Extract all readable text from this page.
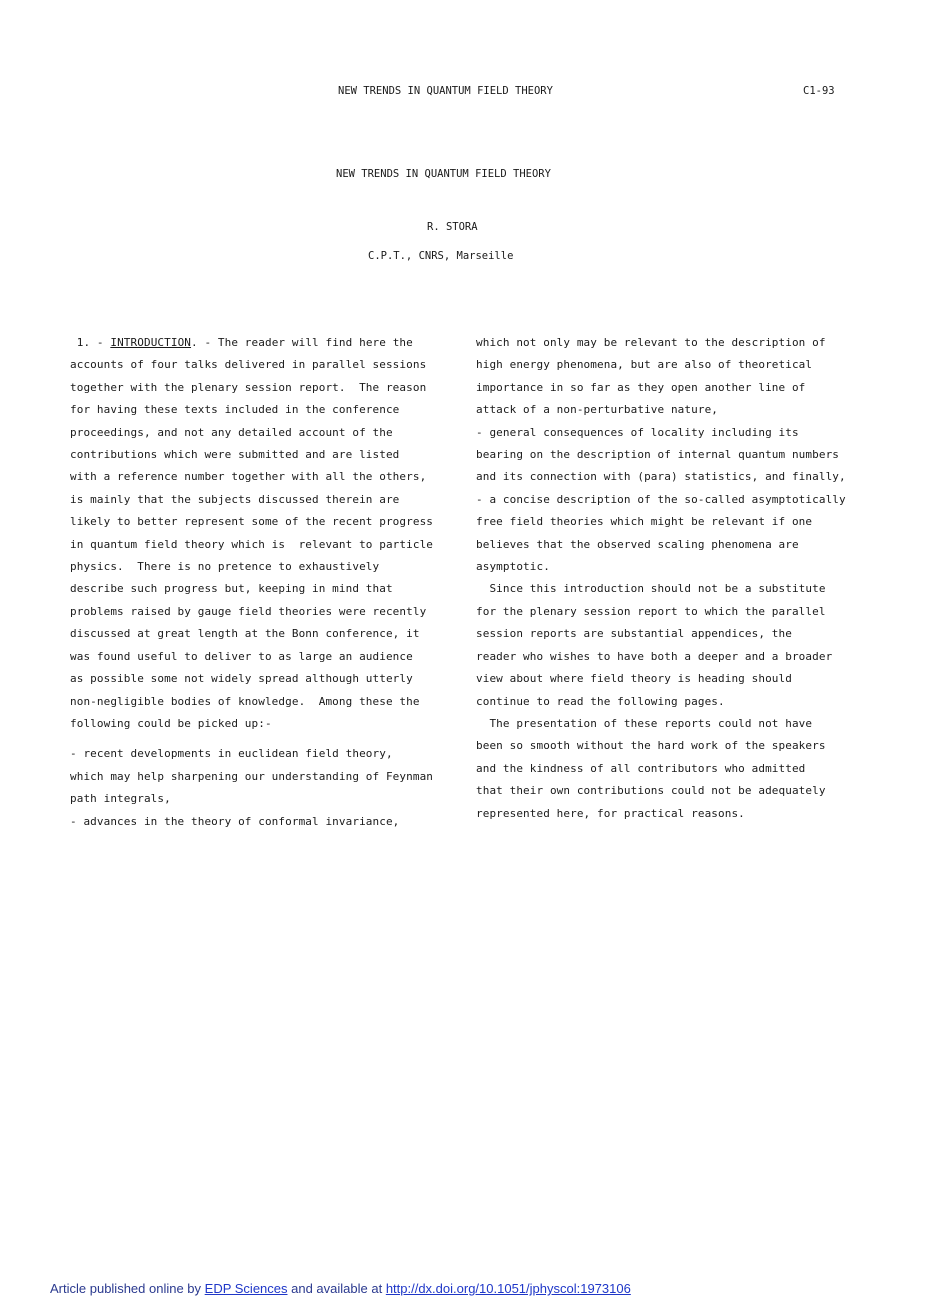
NEW TRENDS IN QUANTUM FIELD THEORY	C1-93
NEW TRENDS IN QUANTUM FIELD THEORY
R. STORA
C.P.T., CNRS, Marseille
1. - INTRODUCTION. - The reader will find here the
accounts of four talks delivered in parallel sessions
together with the plenary session report.  The reason
for having these texts included in the conference
proceedings, and not any detailed account of the
contributions which were submitted and are listed
with a reference number together with all the others,
is mainly that the subjects discussed therein are
likely to better represent some of the recent progress
in quantum field theory which is  relevant to particle
physics.  There is no pretence to exhaustively
describe such progress but, keeping in mind that
problems raised by gauge field theories were recently
discussed at great length at the Bonn conference, it
was found useful to deliver to as large an audience
as possible some not widely spread although utterly
non-negligible bodies of knowledge.  Among these the
following could be picked up:-
- recent developments in euclidean field theory,
which may help sharpening our understanding of Feynman
path integrals,
- advances in the theory of conformal invariance,
which not only may be relevant to the description of
high energy phenomena, but are also of theoretical
importance in so far as they open another line of
attack of a non-perturbative nature,
- general consequences of locality including its
bearing on the description of internal quantum numbers
and its connection with (para) statistics, and finally,
- a concise description of the so-called asymptotically
free field theories which might be relevant if one
believes that the observed scaling phenomena are
asymptotic.
Since this introduction should not be a substitute
for the plenary session report to which the parallel
session reports are substantial appendices, the
reader who wishes to have both a deeper and a broader
view about where field theory is heading should
continue to read the following pages.
The presentation of these reports could not have
been so smooth without the hard work of the speakers
and the kindness of all contributors who admitted
that their own contributions could not be adequately
represented here, for practical reasons.
Article published online by EDP Sciences and available at http://dx.doi.org/10.1051/jphyscol:1973106
